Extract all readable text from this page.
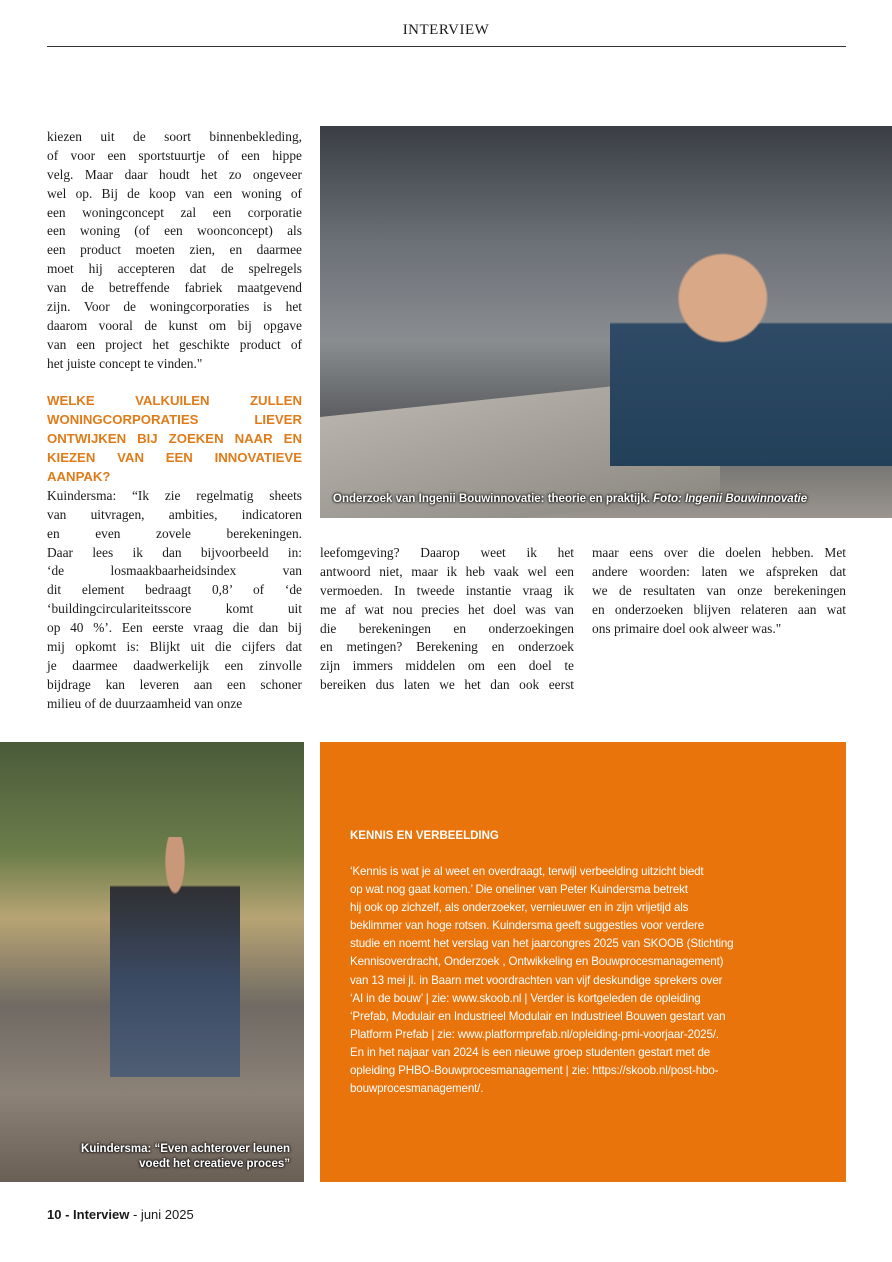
INTERVIEW
kiezen uit de soort binnenbekleding,
of voor een sportstuurtje of een hippe
velg. Maar daar houdt het zo ongeveer
wel op. Bij de koop van een woning of
een woningconcept zal een corporatie
een woning (of een woonconcept) als
een product moeten zien, en daarmee
moet hij accepteren dat de spelregels
van de betreffende fabriek maatgevend
zijn. Voor de woningcorporaties is het
daarom vooral de kunst om bij opgave
van een project het geschikte product of
het juiste concept te vinden."
WELKE VALKUILEN ZULLEN
WONINGCORPORATIES LIEVER
ONTWIJKEN BIJ ZOEKEN NAAR EN
KIEZEN VAN EEN INNOVATIEVE
AANPAK?
Kuindersma: “Ik zie regelmatig sheets
van uitvragen, ambities, indicatoren
en even zovele berekeningen.
Daar lees ik dan bijvoorbeeld in:
‘de losmaakbaarheidsindex van
dit element bedraagt 0,8’ of ‘de
‘buildingcirculariteitsscore komt uit
op 40 %’. Een eerste vraag die dan bij
mij opkomt is: Blijkt uit die cijfers dat
je daarmee daadwerkelijk een zinvolle
bijdrage kan leveren aan een schoner
milieu of de duurzaamheid van onze
leefomgeving? Daarop weet ik het
antwoord niet, maar ik heb vaak wel een
vermoeden. In tweede instantie vraag ik
me af wat nou precies het doel was van
die berekeningen en onderzoekingen
en metingen? Berekening en onderzoek
zijn immers middelen om een doel te
bereiken dus laten we het dan ook eerst
maar eens over die doelen hebben. Met
andere woorden: laten we afspreken dat
we de resultaten van onze berekeningen
en onderzoeken blijven relateren aan wat
ons primaire doel ook alweer was."
Onderzoek van Ingenii Bouwinnovatie: theorie en praktijk. Foto: Ingenii Bouwinnovatie
Kuindersma: “Even achterover leunen
voedt het creatieve proces”
KENNIS EN VERBEELDING
‘Kennis is wat je al weet en overdraagt, terwijl verbeelding uitzicht biedt
op wat nog gaat komen.’ Die oneliner van Peter Kuindersma betrekt
hij ook op zichzelf, als onderzoeker, vernieuwer en in zijn vrijetijd als
beklimmer van hoge rotsen. Kuindersma geeft suggesties voor verdere
studie en noemt het verslag van het jaarcongres 2025 van SKOOB (Stichting
Kennisoverdracht, Onderzoek , Ontwikkeling en Bouwprocesmanagement)
van 13 mei jl. in Baarn met voordrachten van vijf deskundige sprekers over
‘AI in de bouw’ | zie: www.skoob.nl | Verder is kortgeleden de opleiding
‘Prefab, Modulair en Industrieel Modulair en Industrieel Bouwen gestart van
Platform Prefab | zie: www.platformprefab.nl/opleiding-pmi-voorjaar-2025/.
En in het najaar van 2024 is een nieuwe groep studenten gestart met de
opleiding PHBO-Bouwprocesmanagement | zie: https://skoob.nl/post-hbo-
bouwprocesmanagement/.
10 - Interview - juni 2025
